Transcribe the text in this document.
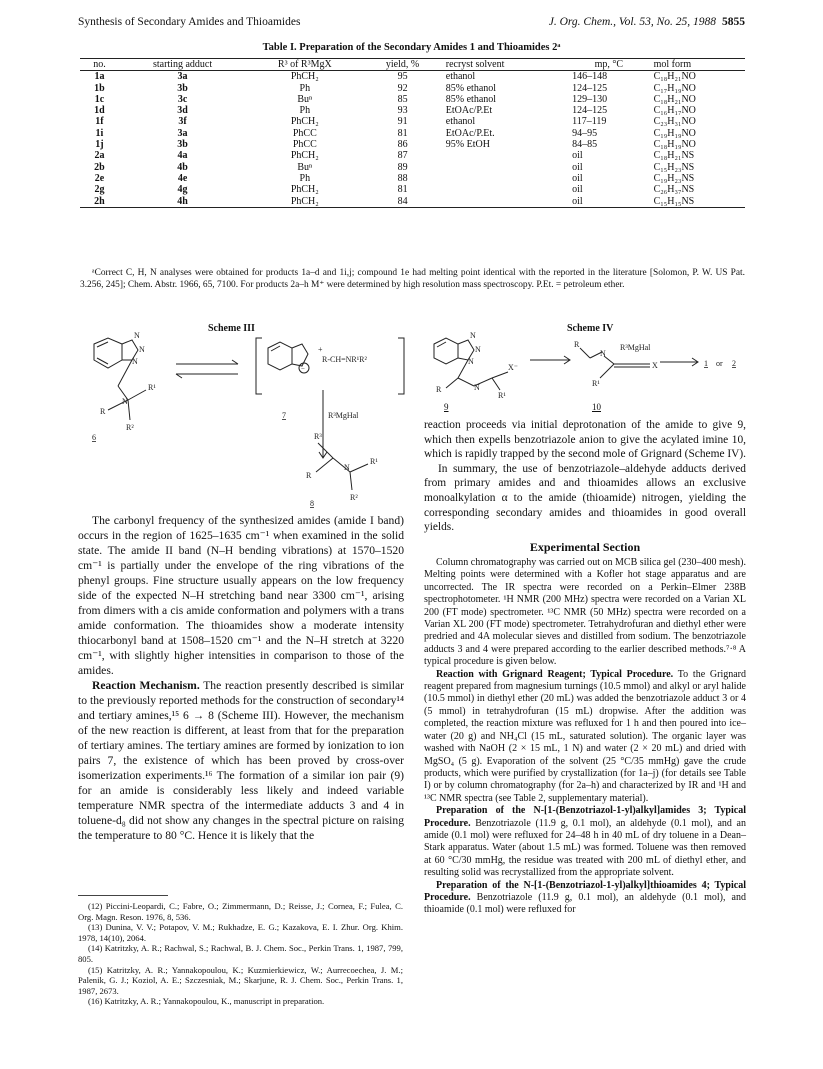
Synthesis of Secondary Amides and Thioamides	J. Org. Chem., Vol. 53, No. 25, 1988 5855
Table I. Preparation of the Secondary Amides 1 and Thioamides 2ᵃ
no.	starting adduct	R³ of R³MgX	yield, %	recryst solvent	mp, °C	mol form
1a	3a	PhCH₂	95	ethanol	146–148	C₁₈H₂₁NO
1b	3b	Ph	92	85% ethanol	124–125	C₁₇H₁₉NO
1c	3c	Buⁿ	85	85% ethanol	129–130	C₁₈H₂₁NO
1d	3d	Ph	93	EtOAc/P.Et	124–125	C₁₆H₁₇NO
1f	3f	PhCH₂	91	ethanol	117–119	C₂₃H₃₁NO
1i	3a	PhCC	81	EtOAc/P.Et.	94–95	C₁₉H₁₉NO
1j	3b	PhCC	86	95% EtOH	84–85	C₁₈H₁₉NO
2a	4a	PhCH₂	87		oil	C₁₈H₂₁NS
2b	4b	Buⁿ	89		oil	C₁₅H₂₃NS
2e	4e	Ph	88		oil	C₁₉H₂₃NS
2g	4g	PhCH₂	81		oil	C₂₆H₃₇NS
2h	4h	PhCH₂	84		oil	C₁₅H₁₅NS
ᵃCorrect C, H, N analyses were obtained for products 1a–d and 1i,j; compound 1e had melting point identical with the reported in the literature [Solomon, P. W. US Pat. 3.256, 245]; Chem. Abstr. 1966, 65, 7100. For products 2a–h M⁺ were determined by high resolution mass spectroscopy. P.Et. = petroleum ether.
Scheme III
N
N
N
N
R¹
R
R²
6
+
R-CH=NR¹R²
−
7	R³MgHal
R³
R
N
R¹
R²
8
Scheme IV
N
N
N
X⁻
N
R
R¹
R
N
X
R¹
R³MgHal
1 or 2
9	10

The carbonyl frequency of the synthesized amides (amide I band) occurs in the region of 1625–1635 cm⁻¹ when examined in the solid state. The amide II band (N–H bending vibrations) at 1570–1520 cm⁻¹ is partially under the envelope of the ring vibrations of the phenyl groups. Fine structure usually appears on the low frequency side of the expected N–H stretching band near 3300 cm⁻¹, arising from dimers with a cis amide conformation and polymers with a trans amide conformation. The thioamides show a moderate intensity thiocarbonyl band at 1508–1520 cm⁻¹ and the N–H stretch at 3220 cm⁻¹, with slightly higher intensities in comparison to those of the amides.

Reaction Mechanism. The reaction presently described is similar to the previously reported methods for the construction of secondary¹⁴ and tertiary amines,¹⁵ 6 → 8 (Scheme III). However, the mechanism of the new reaction is different, at least from that for the preparation of tertiary amines. The tertiary amines are formed by ionization to ion pairs 7, the existence of which has been proved by cross-over isomerization experiments.¹⁶ The formation of a similar ion pair (9) for an amide is considerably less likely and indeed variable temperature NMR spectra of the intermediate adducts 3 and 4 in toluene-d₈ did not show any changes in the spectral picture on raising the temperature to 80 °C. Hence it is likely that the

reaction proceeds via initial deprotonation of the amide to give 9, which then expells benzotriazole anion to give the acylated imine 10, which is rapidly trapped by the second mole of Grignard (Scheme IV).

In summary, the use of benzotriazole–aldehyde adducts derived from primary amides and and thioamides allows an exclusive monoalkylation α to the amide (thioamide) nitrogen, yielding the corresponding secondary amides and thioamides in good overall yields.

Experimental Section

Column chromatography was carried out on MCB silica gel (230–400 mesh). Melting points were determined with a Kofler hot stage apparatus and are uncorrected. The IR spectra were recorded on a Perkin–Elmer 238B spectrophotometer. ¹H NMR (200 MHz) spectra were recorded on a Varian XL 200 (FT mode) spectrometer. ¹³C NMR (50 MHz) spectra were recorded on a Varian XL 200 (FT mode) spectrometer. Tetrahydrofuran and diethyl ether were predried and 4A molecular sieves and distilled from sodium. The benzotriazole adducts 3 and 4 were prepared according to the earlier described methods.⁷·⁸ A typical procedure is given below.

Reaction with Grignard Reagent; Typical Procedure. To the Grignard reagent prepared from magnesium turnings (10.5 mmol) and alkyl or aryl halide (10.5 mmol) in diethyl ether (20 mL) was added the benzotriazole adduct 3 or 4 (5 mmol) in tetrahydrofuran (15 mL) dropwise. After the addition was completed, the reaction mixture was refluxed for 1 h and then poured into ice–water (20 g) and NH₄Cl (15 mL, saturated solution). The organic layer was washed with NaOH (2 × 15 mL, 1 N) and water (2 × 20 mL) and dried with MgSO₄ (5 g). Evaporation of the solvent (25 °C/35 mmHg) gave the crude products, which were purified by crystallization (for 1a–j) (for details see Table I) or by column chromatography (for 2a–h) and characterized by IR and ¹H and ¹³C NMR spectra (see Table 2, supplementary material).

Preparation of the N-[1-(Benzotriazol-1-yl)alkyl]amides 3; Typical Procedure. Benzotriazole (11.9 g, 0.1 mol), an aldehyde (0.1 mol), and an amide (0.1 mol) were refluxed for 24–48 h in 40 mL of dry toluene in a Dean–Stark apparatus. Water (about 1.5 mL) was formed. Toluene was then removed at 60 °C/30 mmHg, the residue was treated with 200 mL of diethyl ether, and resulting solid was recrystallized from the appropriate solvent.

Preparation of the N-[1-(Benzotriazol-1-yl)alkyl]thioamides 4; Typical Procedure. Benzotriazole (11.9 g, 0.1 mol), an aldehyde (0.1 mol), and thioamide (0.1 mol) were refluxed for

(12) Piccini-Leopardi, C.; Fabre, O.; Zimmermann, D.; Reisse, J.; Cornea, F.; Fulea, C. Org. Magn. Reson. 1976, 8, 536.
(13) Dunina, V. V.; Potapov, V. M.; Rukhadze, E. G.; Kazakova, E. I. Zhur. Org. Khim. 1978, 14(10), 2064.
(14) Katritzky, A. R.; Rachwal, S.; Rachwal, B. J. Chem. Soc., Perkin Trans. 1, 1987, 799, 805.
(15) Katritzky, A. R.; Yannakopoulou, K.; Kuzmierkiewicz, W.; Aurrecoechea, J. M.; Palenik, G. J.; Koziol, A. E.; Szczesniak, M.; Skarjune, R. J. Chem. Soc., Perkin Trans. 1, 1987, 2673.
(16) Katritzky, A. R.; Yannakopoulou, K., manuscript in preparation.
